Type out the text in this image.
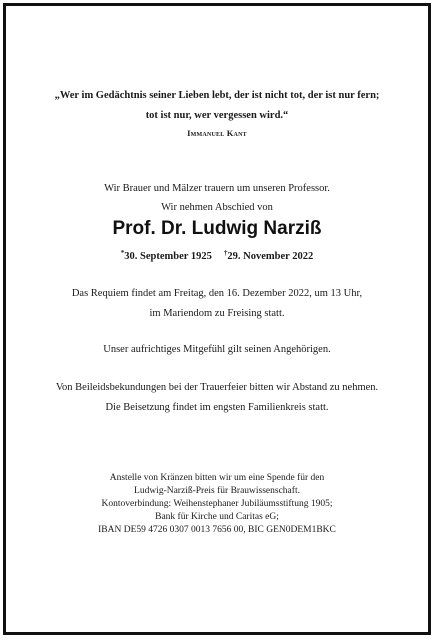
„Wer im Gedächtnis seiner Lieben lebt, der ist nicht tot, der ist nur fern;
tot ist nur, wer vergessen wird.“
Immanuel Kant
Wir Brauer und Mälzer trauern um unseren Professor.
Wir nehmen Abschied von
Prof. Dr. Ludwig Narziß
*30. September 1925 †29. November 2022
Das Requiem findet am Freitag, den 16. Dezember 2022, um 13 Uhr,
im Mariendom zu Freising statt.
Unser aufrichtiges Mitgefühl gilt seinen Angehörigen.
Von Beileidsbekundungen bei der Trauerfeier bitten wir Abstand zu nehmen.
Die Beisetzung findet im engsten Familienkreis statt.
Anstelle von Kränzen bitten wir um eine Spende für den
Ludwig-Narziß-Preis für Brauwissenschaft.
Kontoverbindung: Weihenstephaner Jubiläumsstiftung 1905;
Bank für Kirche und Caritas eG;
IBAN DE59 4726 0307 0013 7656 00, BIC GEN0DEM1BKC
